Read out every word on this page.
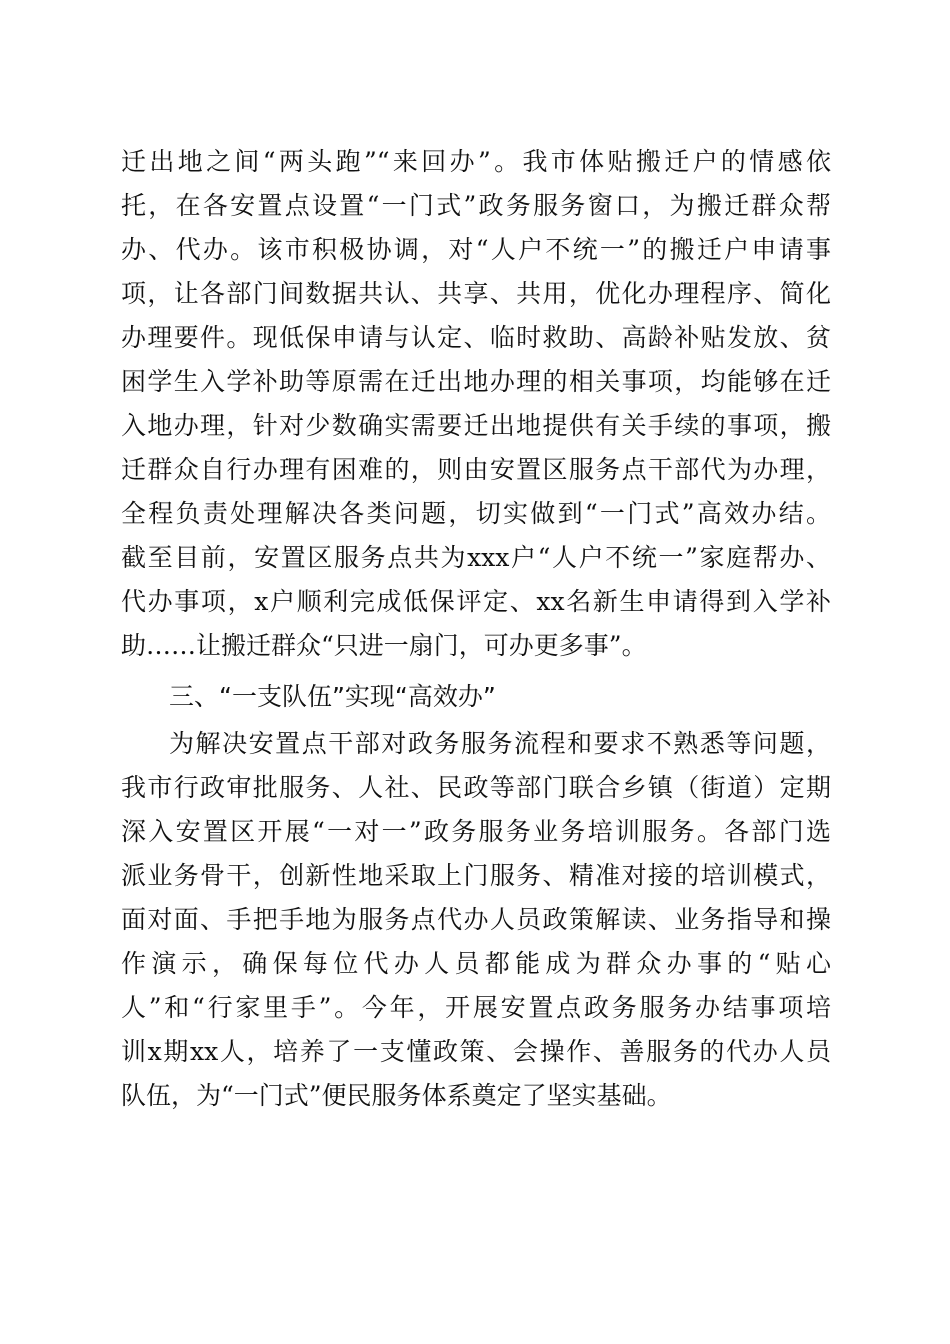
迁出地之间“两头跑”“来回办”。我市体贴搬迁户的情感依
托，在各安置点设置“一门式”政务服务窗口，为搬迁群众帮
办、代办。该市积极协调，对“人户不统一”的搬迁户申请事
项，让各部门间数据共认、共享、共用，优化办理程序、简化
办理要件。现低保申请与认定、临时救助、高龄补贴发放、贫
困学生入学补助等原需在迁出地办理的相关事项，均能够在迁
入地办理，针对少数确实需要迁出地提供有关手续的事项，搬
迁群众自行办理有困难的，则由安置区服务点干部代为办理，
全程负责处理解决各类问题，切实做到“一门式”高效办结。
截至目前，安置区服务点共为xxx户“人户不统一”家庭帮办、
代办事项，x户顺利完成低保评定、xx名新生申请得到入学补
助……让搬迁群众“只进一扇门，可办更多事”。
三、“一支队伍”实现“高效办”
为解决安置点干部对政务服务流程和要求不熟悉等问题，
我市行政审批服务、人社、民政等部门联合乡镇（街道）定期
深入安置区开展“一对一”政务服务业务培训服务。各部门选
派业务骨干，创新性地采取上门服务、精准对接的培训模式，
面对面、手把手地为服务点代办人员政策解读、业务指导和操
作演示，确保每位代办人员都能成为群众办事的“贴心
人”和“行家里手”。今年，开展安置点政务服务办结事项培
训x期xx人，培养了一支懂政策、会操作、善服务的代办人员
队伍，为“一门式”便民服务体系奠定了坚实基础。
